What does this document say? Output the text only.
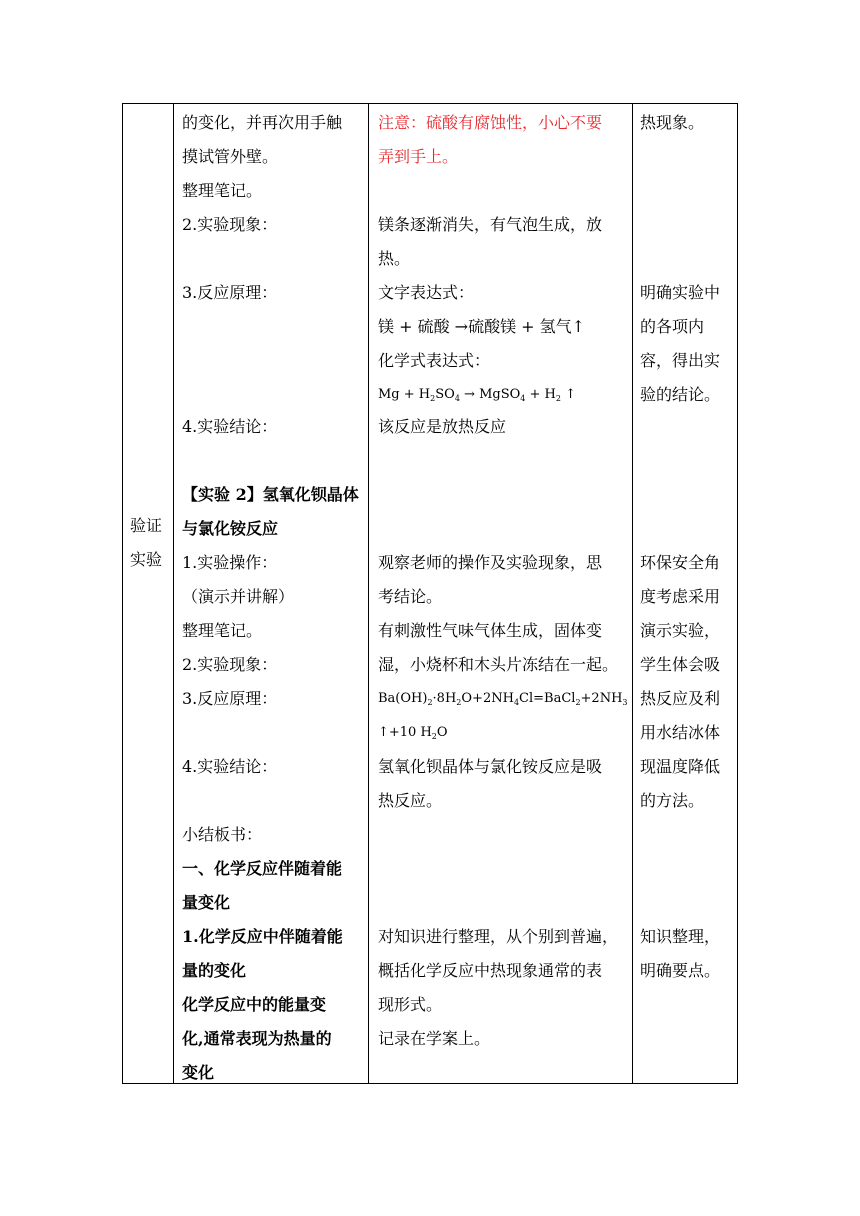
验证
实验
的变化，并再次用手触
摸试管外壁。
整理笔记。
2.实验现象：
3.反应原理：
4.实验结论：
【实验 2】氢氧化钡晶体
与氯化铵反应
1.实验操作：
（演示并讲解）
整理笔记。
2.实验现象：
3.反应原理：
4.实验结论：
小结板书：
一、化学反应伴随着能
量变化
1.化学反应中伴随着能
量的变化
化学反应中的能量变
化,通常表现为热量的
变化
注意：硫酸有腐蚀性，小心不要
弄到手上。
镁条逐渐消失，有气泡生成，放
热。
文字表达式：
镁 + 硫酸 →硫酸镁 + 氢气↑
化学式表达式：
$Mg + H_2SO_4$ → MgSO$_4$ + $H_2$ ↑
该反应是放热反应
观察老师的操作及实验现象，思
考结论。
有刺激性气味气体生成，固体变
湿，小烧杯和木头片冻结在一起。
$Ba(OH)_2\cdot 8H_2O+2NH_4Cl=BaCl_2+2NH_3$
↑+10 $H_2O$
氢氧化钡晶体与氯化铵反应是吸
热反应。
对知识进行整理，从个别到普遍，
概括化学反应中热现象通常的表
现形式。
记录在学案上。
热现象。
明确实验中
的各项内
容，得出实
验的结论。
环保安全角
度考虑采用
演示实验，
学生体会吸
热反应及利
用水结冰体
现温度降低
的方法。
知识整理，
明确要点。
